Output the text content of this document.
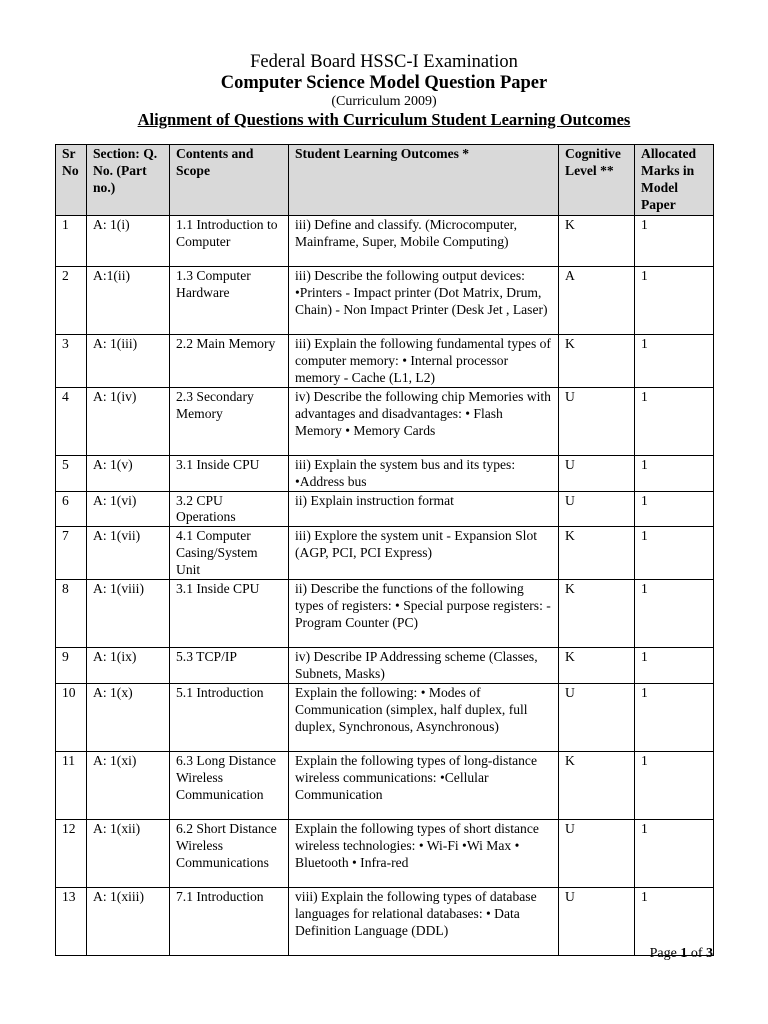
Federal Board HSSC-I Examination
Computer Science Model Question Paper
(Curriculum 2009)
Alignment of Questions with Curriculum Student Learning Outcomes
Sr No	Section: Q. No. (Part no.)	Contents and Scope	Student Learning Outcomes *	Cognitive Level **	Allocated Marks in Model Paper
1	A: 1(i)	1.1 Introduction to Computer	iii) Define and classify. (Microcomputer, Mainframe, Super, Mobile Computing)	K	1
2	A:1(ii)	1.3 Computer Hardware	iii) Describe the following output devices: •Printers - Impact printer (Dot Matrix, Drum, Chain) - Non Impact Printer (Desk Jet , Laser)	A	1
3	A: 1(iii)	2.2 Main Memory	iii) Explain the following fundamental types of computer memory: • Internal processor memory - Cache (L1, L2)	K	1
4	A: 1(iv)	2.3 Secondary Memory	iv) Describe the following chip Memories with advantages and disadvantages: • Flash Memory • Memory Cards	U	1
5	A: 1(v)	3.1 Inside CPU	iii) Explain the system bus and its types: •Address bus	U	1
6	A: 1(vi)	3.2 CPU Operations	ii) Explain instruction format	U	1
7	A: 1(vii)	4.1 Computer Casing/System Unit	iii) Explore the system unit - Expansion Slot (AGP, PCI, PCI Express)	K	1
8	A: 1(viii)	3.1 Inside CPU	ii) Describe the functions of the following types of registers: • Special purpose registers: - Program Counter (PC)	K	1
9	A: 1(ix)	5.3 TCP/IP	iv) Describe IP Addressing scheme (Classes, Subnets, Masks)	K	1
10	A: 1(x)	5.1 Introduction	Explain the following: • Modes of Communication (simplex, half duplex, full duplex, Synchronous, Asynchronous)	U	1
11	A: 1(xi)	6.3 Long Distance Wireless Communication	Explain the following types of long-distance wireless communications: •Cellular Communication	K	1
12	A: 1(xii)	6.2 Short Distance Wireless Communications	Explain the following types of short distance wireless technologies: • Wi-Fi •Wi Max • Bluetooth • Infra-red	U	1
13	A: 1(xiii)	7.1 Introduction	viii) Explain the following types of database languages for relational databases: • Data Definition Language (DDL)	U	1
Page 1 of 3
